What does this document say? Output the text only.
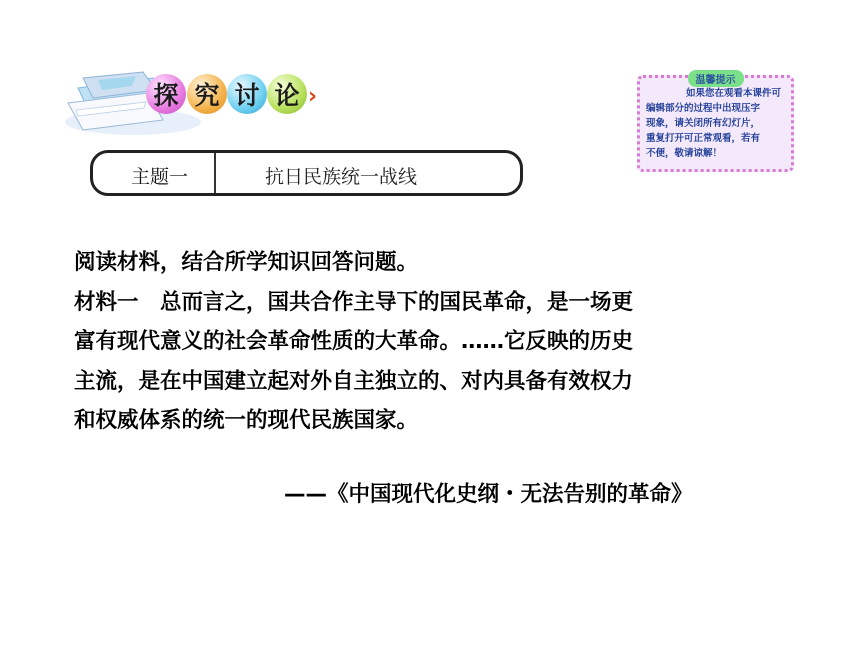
探 究 讨 论 ›
温馨提示
如果您在观看本课件可
编辑部分的过程中出现压字
现象，请关闭所有幻灯片，
重复打开可正常观看，若有
不便，敬请谅解！
主题一	抗日民族统一战线

阅读材料，结合所学知识回答问题。

材料一　总而言之，国共合作主导下的国民革命，是一场更

富有现代意义的社会革命性质的大革命。……它反映的历史

主流，是在中国建立起对外自主独立的、对内具备有效权力

和权威体系的统一的现代民族国家。

——《中国现代化史纲・无法告别的革命》
